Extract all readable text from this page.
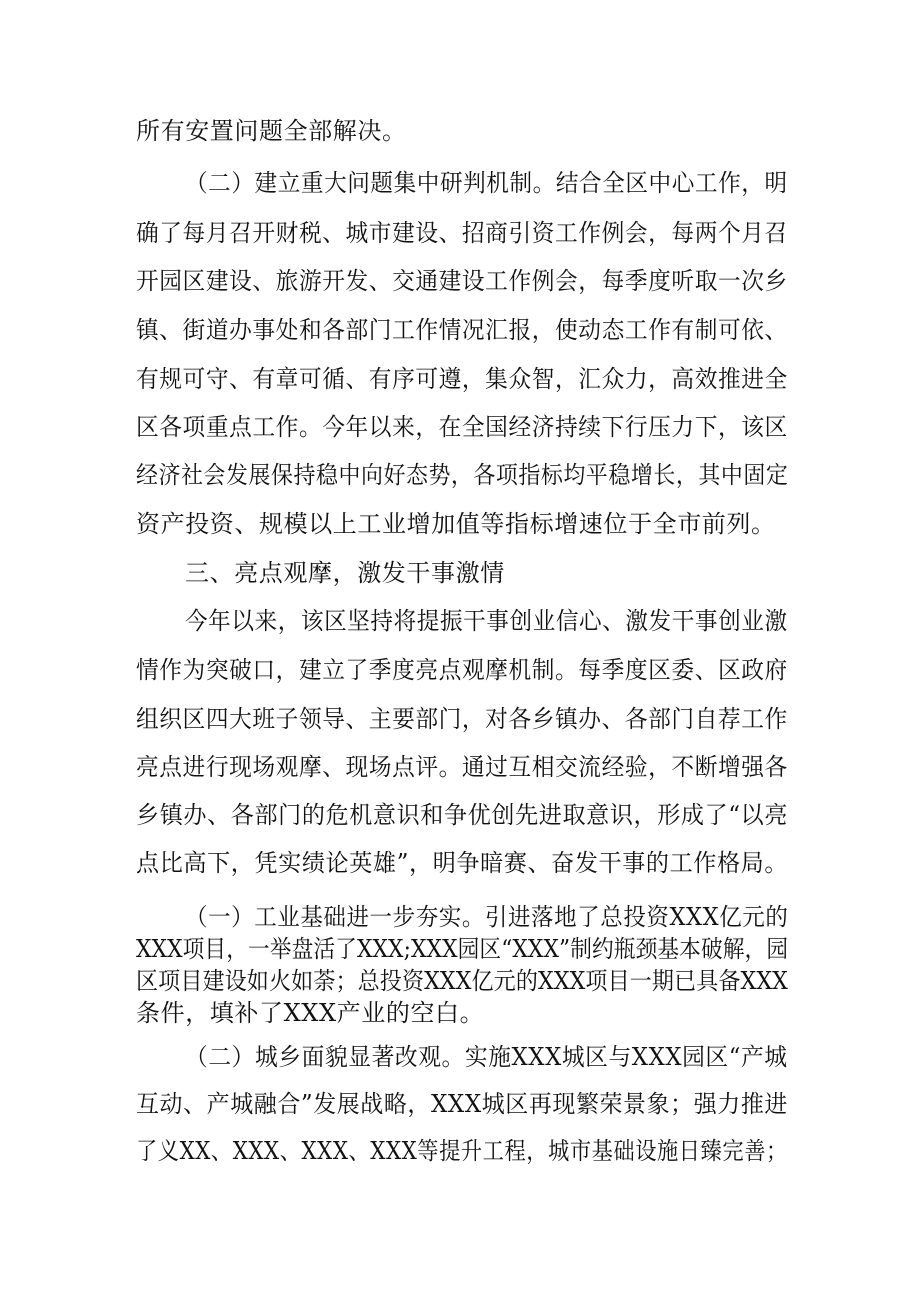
所有安置问题全部解决。
（二）建立重大问题集中研判机制。结合全区中心工作，明
确了每月召开财税、城市建设、招商引资工作例会，每两个月召
开园区建设、旅游开发、交通建设工作例会，每季度听取一次乡
镇、街道办事处和各部门工作情况汇报，使动态工作有制可依、
有规可守、有章可循、有序可遵，集众智，汇众力，高效推进全
区各项重点工作。今年以来，在全国经济持续下行压力下，该区
经济社会发展保持稳中向好态势，各项指标均平稳增长，其中固定
资产投资、规模以上工业增加值等指标增速位于全市前列。
三、亮点观摩，激发干事激情
今年以来，该区坚持将提振干事创业信心、激发干事创业激
情作为突破口，建立了季度亮点观摩机制。每季度区委、区政府
组织区四大班子领导、主要部门，对各乡镇办、各部门自荐工作
亮点进行现场观摩、现场点评。通过互相交流经验，不断增强各
乡镇办、各部门的危机意识和争优创先进取意识，形成了“以亮
点比高下，凭实绩论英雄”，明争暗赛、奋发干事的工作格局。
（一）工业基础进一步夯实。引进落地了总投资XXX亿元的
XXX项目，一举盘活了XXX;XXX园区“XXX”制约瓶颈基本破解，园
区项目建设如火如荼；总投资XXX亿元的XXX项目一期已具备XXX
条件，填补了XXX产业的空白。
（二）城乡面貌显著改观。实施XXX城区与XXX园区“产城
互动、产城融合”发展战略，XXX城区再现繁荣景象；强力推进
了义XX、XXX、XXX、XXX等提升工程，城市基础设施日臻完善；
